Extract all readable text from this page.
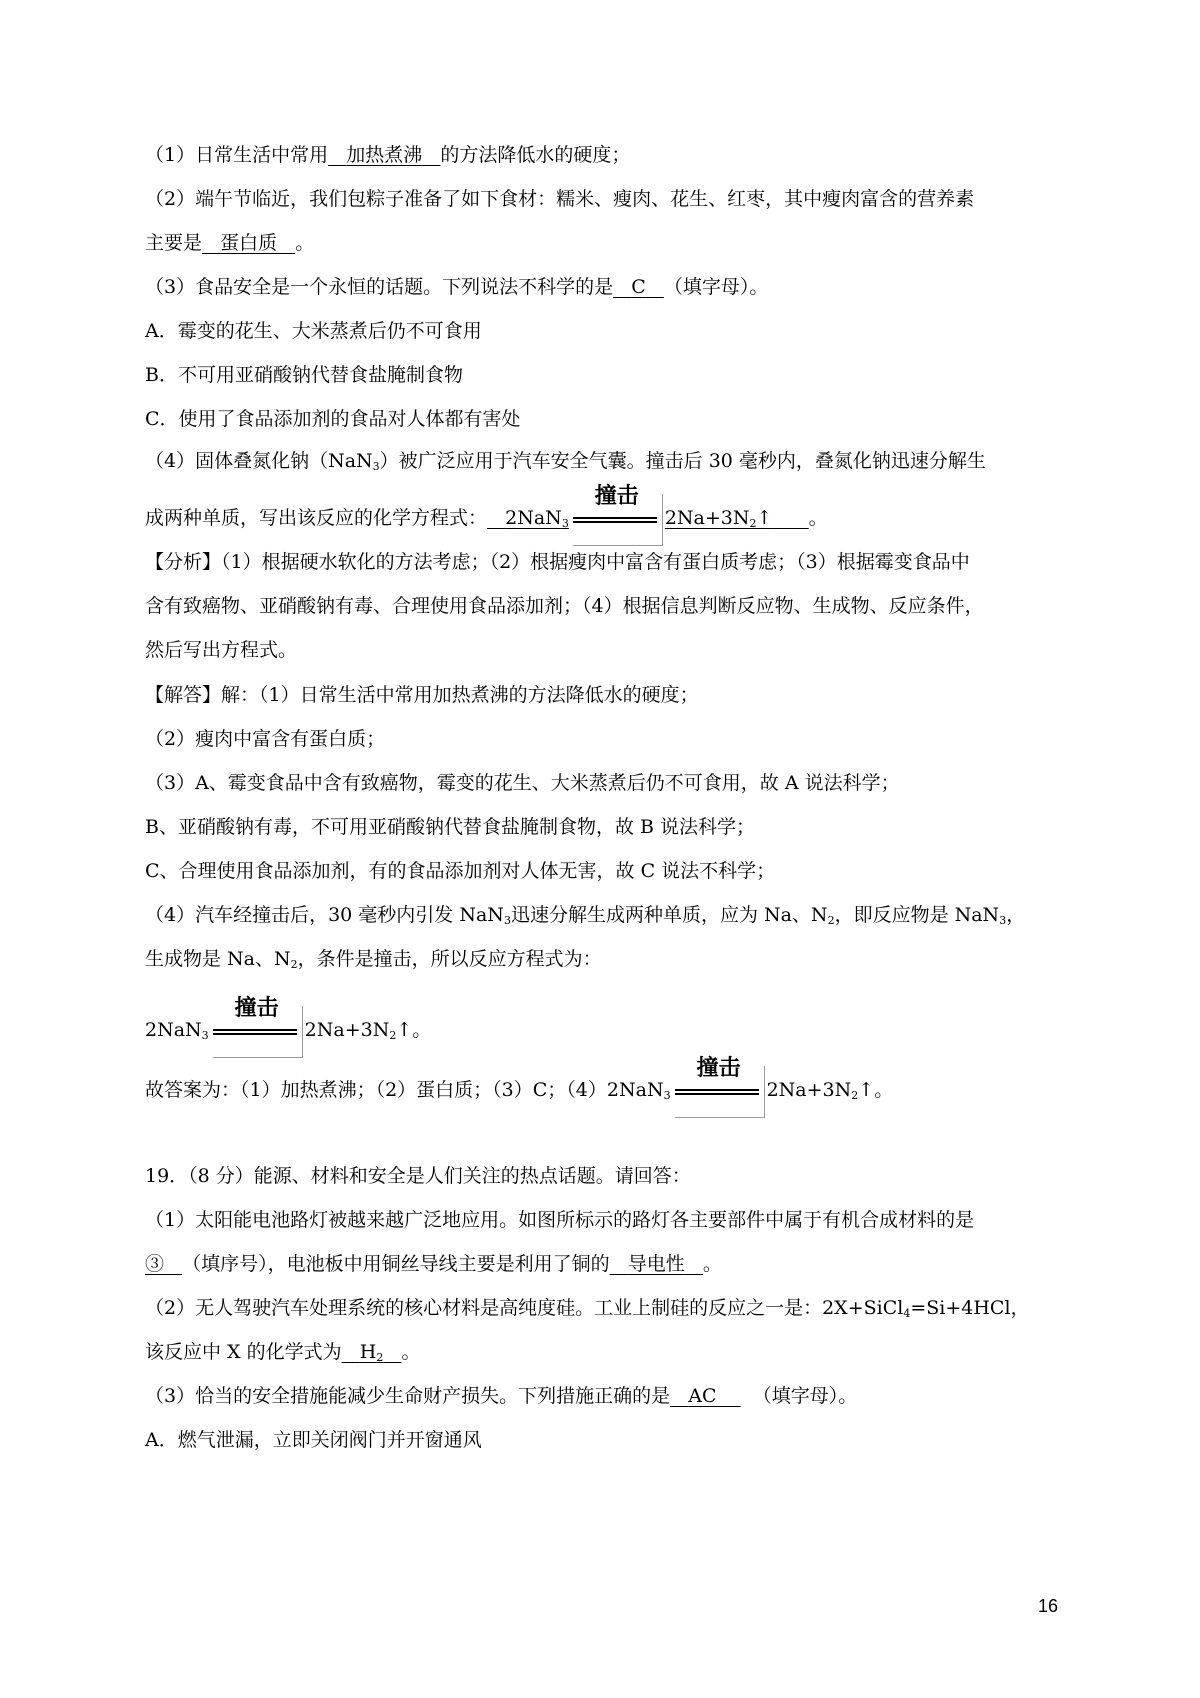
（1）日常生活中常用 加热煮沸 的方法降低水的硬度；
（2）端午节临近，我们包粽子准备了如下食材：糯米、瘦肉、花生、红枣，其中瘦肉富含的营养素
主要是 蛋白质 。
（3）食品安全是一个永恒的话题。下列说法不科学的是 C （填字母）。
A．霉变的花生、大米蒸煮后仍不可食用
B．不可用亚硝酸钠代替食盐腌制食物
C．使用了食品添加剂的食品对人体都有害处
（4）固体叠氮化钠（NaN$_3$）被广泛应用于汽车安全气囊。撞击后 30 毫秒内，叠氮化钠迅速分解生
成两种单质，写出该反应的化学方程式： 2NaN$_3$
撞击
$2Na+3N_2↑$ 。
【分析】（1）根据硬水软化的方法考虑；（2）根据瘦肉中富含有蛋白质考虑；（3）根据霉变食品中
含有致癌物、亚硝酸钠有毒、合理使用食品添加剂；（4）根据信息判断反应物、生成物、反应条件，
然后写出方程式。
【解答】解：（1）日常生活中常用加热煮沸的方法降低水的硬度；
（2）瘦肉中富含有蛋白质；
（3）A、霉变食品中含有致癌物，霉变的花生、大米蒸煮后仍不可食用，故 A 说法科学；
B、亚硝酸钠有毒，不可用亚硝酸钠代替食盐腌制食物，故 B 说法科学；
C、合理使用食品添加剂，有的食品添加剂对人体无害，故 C 说法不科学；
（4）汽车经撞击后，30 毫秒内引发 NaN$_3$迅速分解生成两种单质，应为 Na、$N_2$，即反应物是 NaN$_3$，
生成物是 Na、$N_2$，条件是撞击，所以反应方程式为：
2NaN$_3$
撞击
$2Na+3N_2↑$。
故答案为：（1）加热煮沸；（2）蛋白质；（3）C；（4）2NaN$_3$
撞击
$2Na+3N_2↑$。
19．（8 分）能源、材料和安全是人们关注的热点话题。请回答：
（1）太阳能电池路灯被越来越广泛地应用。如图所标示的路灯各主要部件中属于有机合成材料的是
③ （填序号），电池板中用铜丝导线主要是利用了铜的 导电性 。
（2）无人驾驶汽车处理系统的核心材料是高纯度硅。工业上制硅的反应之一是：2X+SiCl$_4$=Si+4HCl，
该反应中 X 的化学式为 $H_2$ 。
（3）恰当的安全措施能减少生命财产损失。下列措施正确的是 AC （填字母）。
A．燃气泄漏，立即关闭阀门并开窗通风
16
